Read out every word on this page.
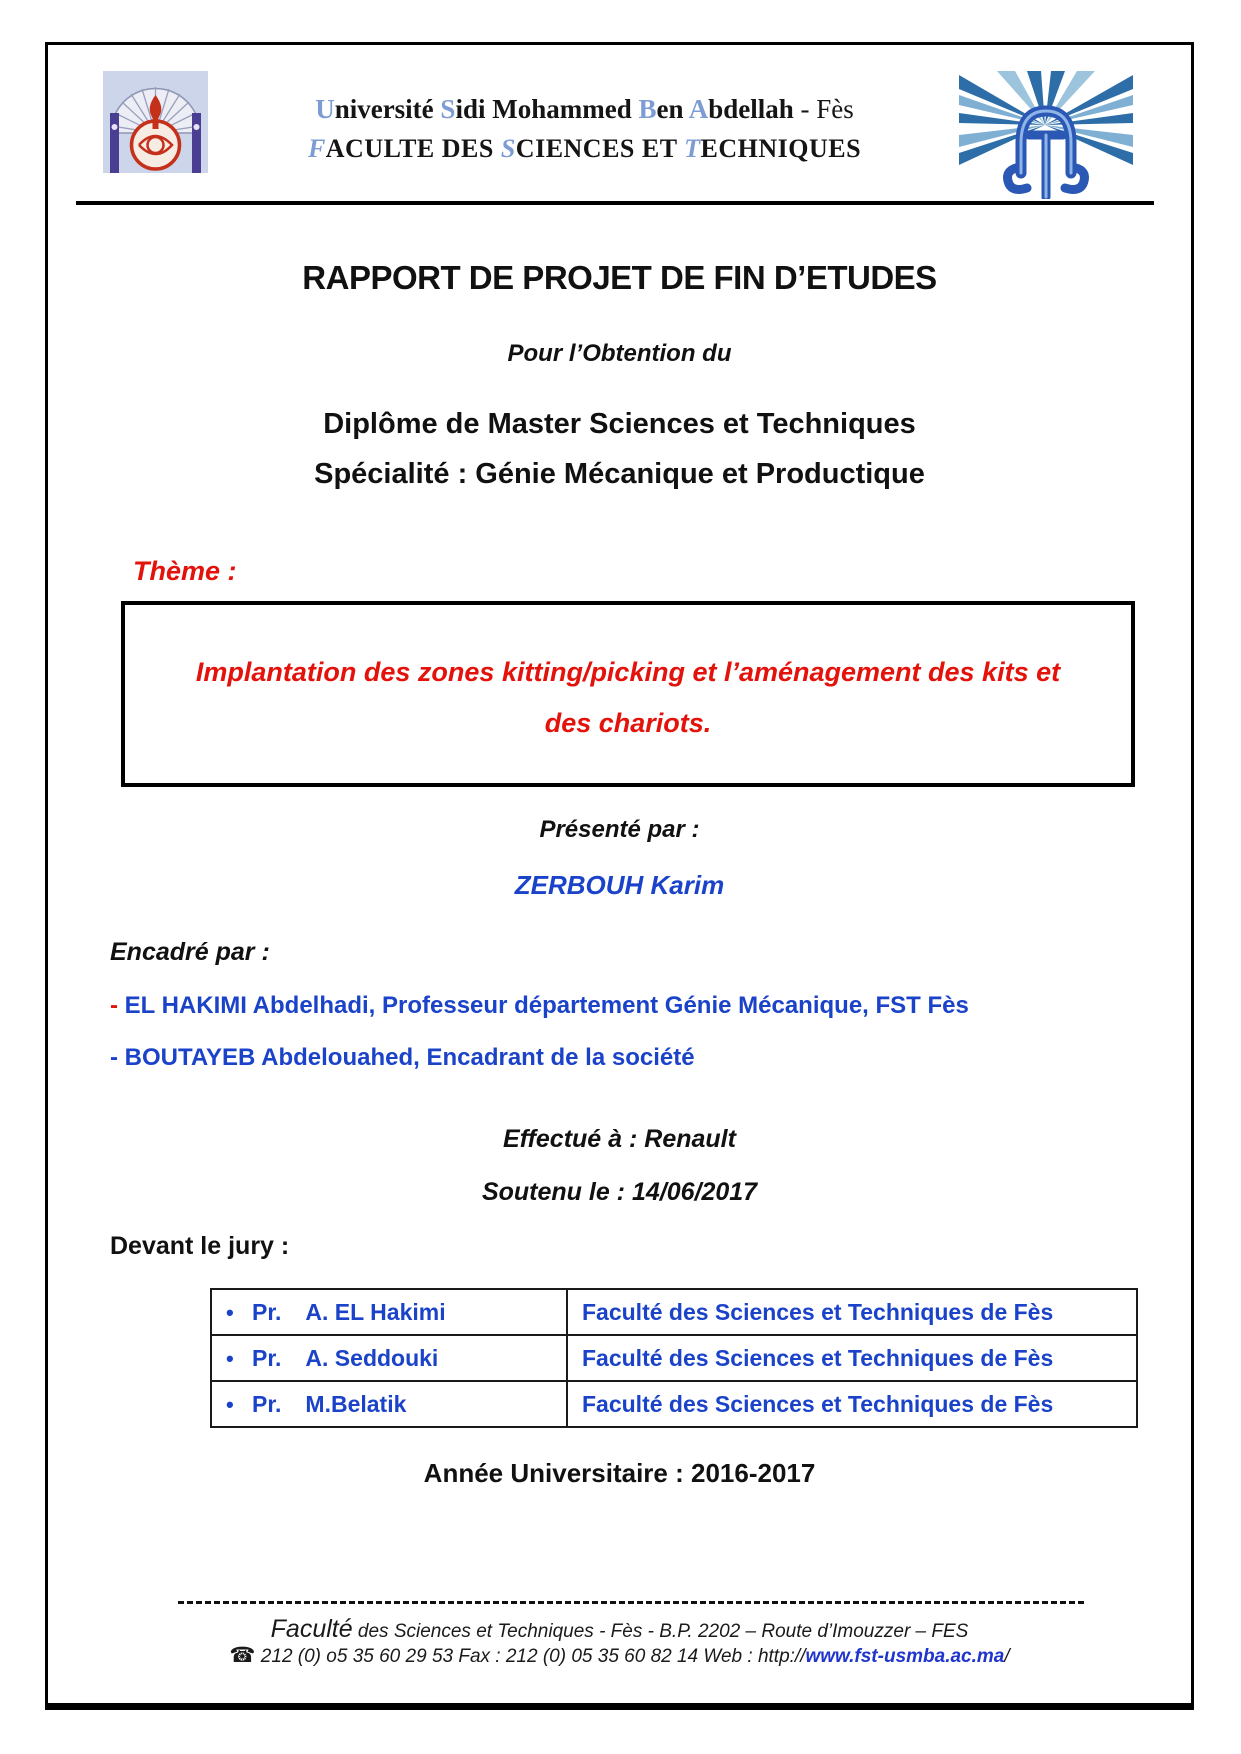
Université Sidi Mohammed Ben Abdellah - Fès
FACULTE DES SCIENCES ET TECHNIQUES
RAPPORT DE PROJET DE FIN D’ETUDES
Pour l’Obtention du
Diplôme de Master Sciences et Techniques
Spécialité : Génie Mécanique et Productique
Thème :
Implantation des zones kitting/picking et l’aménagement des kits et
des chariots.
Présenté par :
ZERBOUH Karim
Encadré par :
- EL HAKIMI Abdelhadi, Professeur département Génie Mécanique, FST Fès
- BOUTAYEB Abdelouahed, Encadrant de la société
Effectué à : Renault
Soutenu le : 14/06/2017
Devant le jury :
• Pr. A. EL Hakimi	Faculté des Sciences et Techniques de Fès
• Pr. A. Seddouki	Faculté des Sciences et Techniques de Fès
• Pr. M.Belatik	Faculté des Sciences et Techniques de Fès
Année Universitaire : 2016-2017
Faculté des Sciences et Techniques - Fès - B.P. 2202 – Route d’Imouzzer – FES
☎ 212 (0) o5 35 60 29 53 Fax : 212 (0) 05 35 60 82 14 Web : http://www.fst-usmba.ac.ma/
